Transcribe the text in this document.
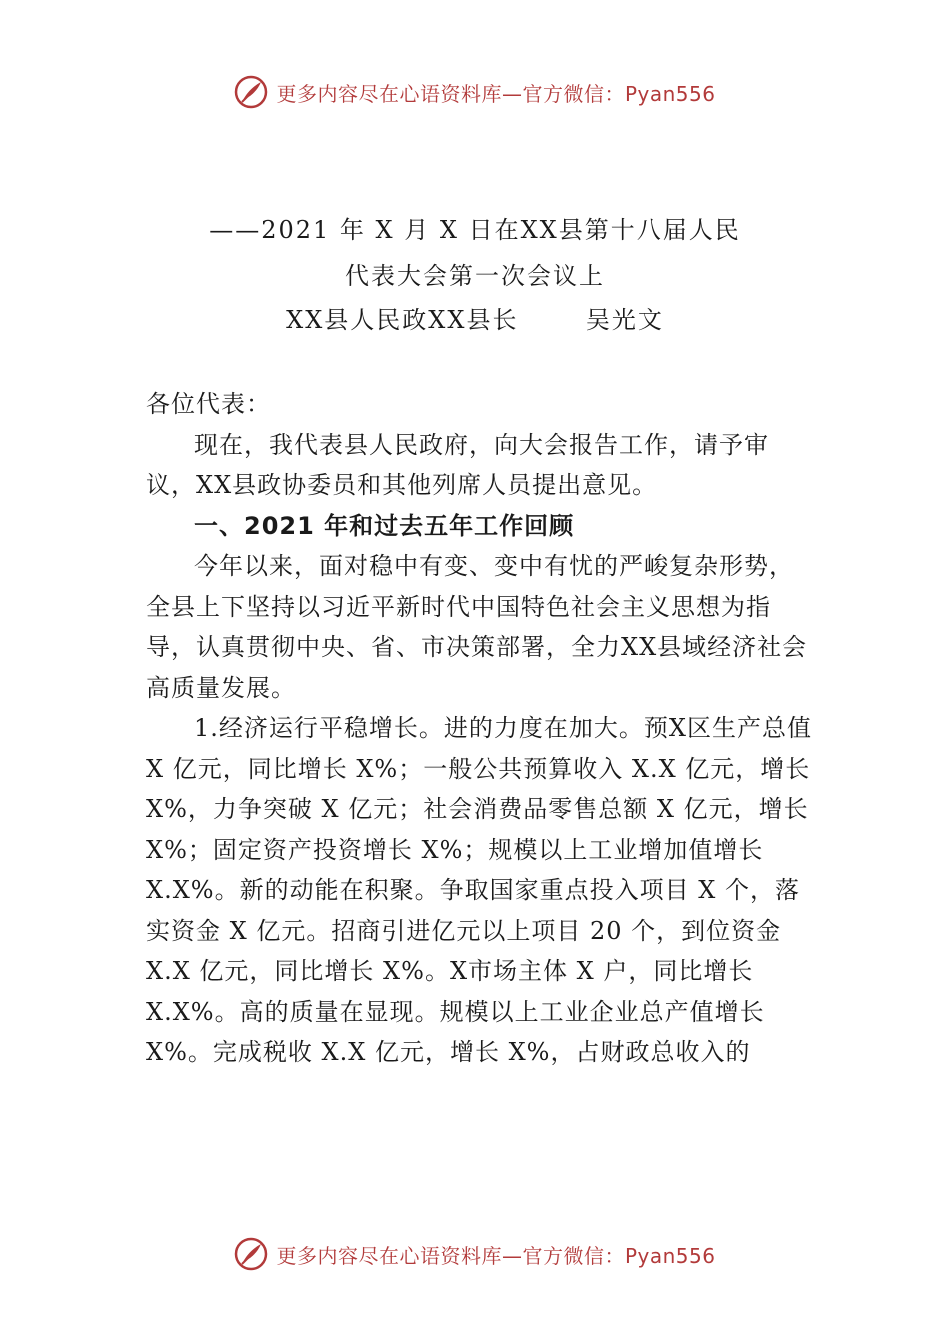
更多内容尽在心语资料库—官方微信：Pyan556
——2021 年 X 月 X 日在XX县第十八届人民
代表大会第一次会议上
XX县人民政XX县长       吴光文

各位代表：

现在，我代表县人民政府，向大会报告工作，请予审议，XX县政协委员和其他列席人员提出意见。

一、2021 年和过去五年工作回顾

今年以来，面对稳中有变、变中有忧的严峻复杂形势，全县上下坚持以习近平新时代中国特色社会主义思想为指导，认真贯彻中央、省、市决策部署，全力XX县域经济社会高质量发展。

1.经济运行平稳增长。进的力度在加大。预X区生产总值 X 亿元，同比增长 X%；一般公共预算收入 X.X 亿元，增长 X%，力争突破 X 亿元；社会消费品零售总额 X 亿元，增长 X%；固定资产投资增长 X%；规模以上工业增加值增长 X.X%。新的动能在积聚。争取国家重点投入项目 X 个，落实资金 X 亿元。招商引进亿元以上项目 20 个，到位资金 X.X 亿元，同比增长 X%。X市场主体 X 户，同比增长 X.X%。高的质量在显现。规模以上工业企业总产值增长 X%。完成税收 X.X 亿元，增长 X%，占财政总收入的

更多内容尽在心语资料库—官方微信：Pyan556
